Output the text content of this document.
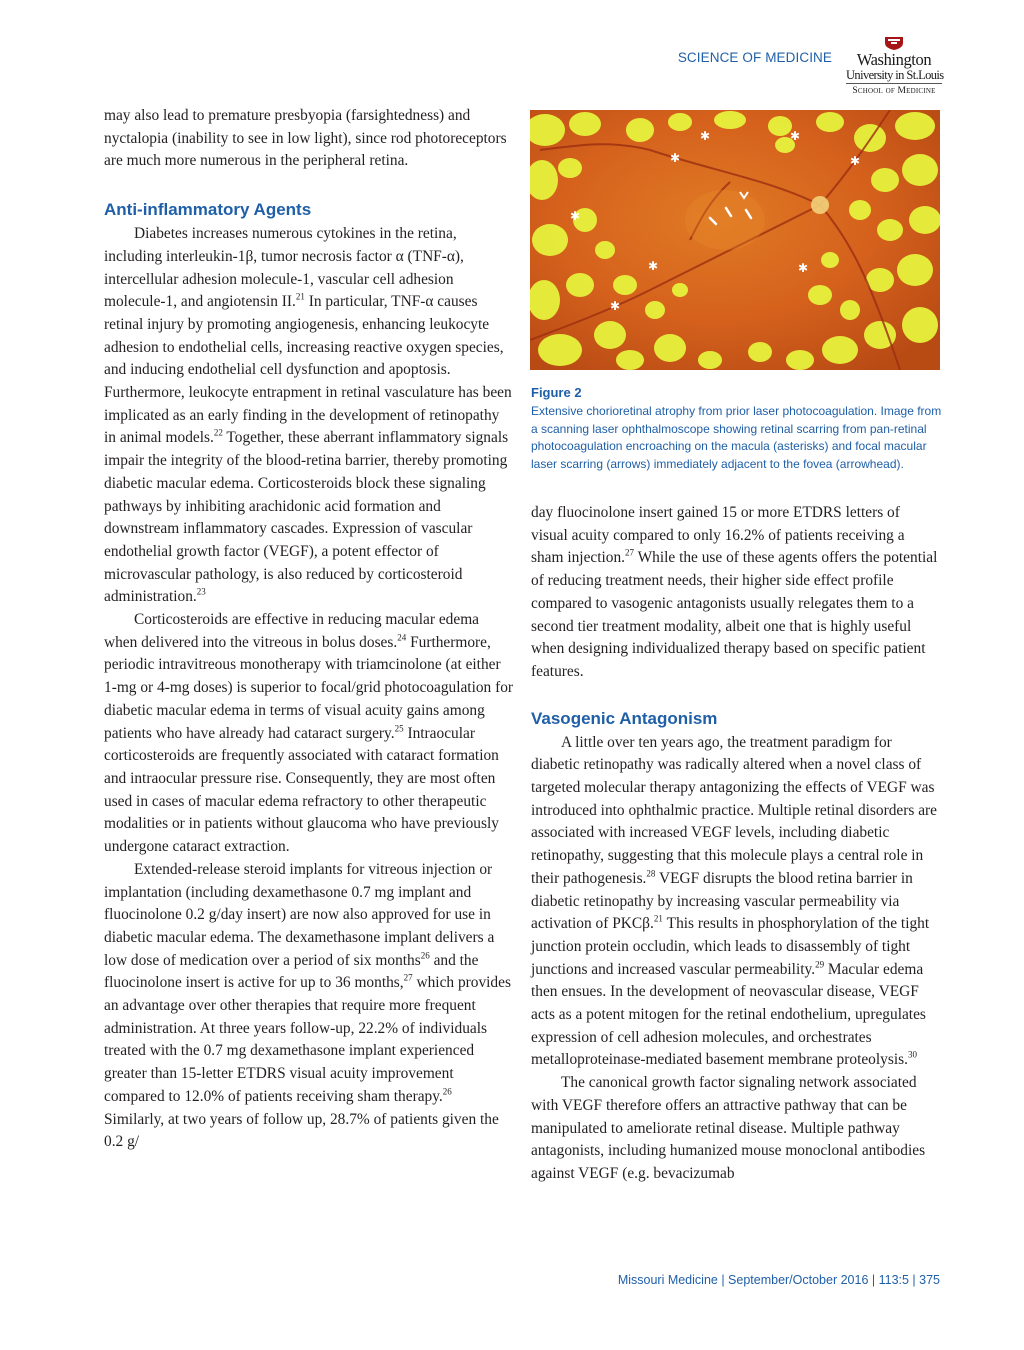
SCIENCE OF MEDICINE	Washington
University in St.Louis
School of Medicine

may also lead to premature presbyopia (farsightedness) and nyctalopia (inability to see in low light), since rod photoreceptors are much more numerous in the peripheral retina.

Anti-inflammatory Agents

Diabetes increases numerous cytokines in the retina, including interleukin-1β, tumor necrosis factor α (TNF-α), intercellular adhesion molecule-1, vascular cell adhesion molecule-1, and angiotensin II.$^{21}$ In particular, TNF-α causes retinal injury by promoting angiogenesis, enhancing leukocyte adhesion to endothelial cells, increasing reactive oxygen species, and inducing endothelial cell dysfunction and apoptosis. Furthermore, leukocyte entrapment in retinal vasculature has been implicated as an early finding in the development of retinopathy in animal models.$^{22}$ Together, these aberrant inflammatory signals impair the integrity of the blood-retina barrier, thereby promoting diabetic macular edema. Corticosteroids block these signaling pathways by inhibiting arachidonic acid formation and downstream inflammatory cascades. Expression of vascular endothelial growth factor (VEGF), a potent effector of microvascular pathology, is also reduced by corticosteroid administration.$^{23}$

Corticosteroids are effective in reducing macular edema when delivered into the vitreous in bolus doses.$^{24}$ Furthermore, periodic intravitreous monotherapy with triamcinolone (at either 1-mg or 4-mg doses) is superior to focal/grid photocoagulation for diabetic macular edema in terms of visual acuity gains among patients who have already had cataract surgery.$^{25}$ Intraocular corticosteroids are frequently associated with cataract formation and intraocular pressure rise. Consequently, they are most often used in cases of macular edema refractory to other therapeutic modalities or in patients without glaucoma who have previously undergone cataract extraction.

Extended-release steroid implants for vitreous injection or implantation (including dexamethasone 0.7 mg implant and fluocinolone 0.2 g/day insert) are now also approved for use in diabetic macular edema. The dexamethasone implant delivers a low dose of medication over a period of six months$^{26}$ and the fluocinolone insert is active for up to 36 months,$^{27}$ which provides an advantage over other therapies that require more frequent administration. At three years follow-up, 22.2% of individuals treated with the 0.7 mg dexamethasone implant experienced greater than 15-letter ETDRS visual acuity improvement compared to 12.0% of patients receiving sham therapy.$^{26}$ Similarly, at two years of follow up, 28.7% of patients given the 0.2 g/

✱	✱
✱	✱
✱
✱	✱
✱
Figure 2
Extensive chorioretinal atrophy from prior laser photocoagulation. Image from a scanning laser ophthalmoscope showing retinal scarring from pan-retinal photocoagulation encroaching on the macula (asterisks) and focal macular laser scarring (arrows) immediately adjacent to the fovea (arrowhead).

day fluocinolone insert gained 15 or more ETDRS letters of visual acuity compared to only 16.2% of patients receiving a sham injection.$^{27}$ While the use of these agents offers the potential of reducing treatment needs, their higher side effect profile compared to vasogenic antagonists usually relegates them to a second tier treatment modality, albeit one that is highly useful when designing individualized therapy based on specific patient features.

Vasogenic Antagonism

A little over ten years ago, the treatment paradigm for diabetic retinopathy was radically altered when a novel class of targeted molecular therapy antagonizing the effects of VEGF was introduced into ophthalmic practice. Multiple retinal disorders are associated with increased VEGF levels, including diabetic retinopathy, suggesting that this molecule plays a central role in their pathogenesis.$^{28}$ VEGF disrupts the blood retina barrier in diabetic retinopathy by increasing vascular permeability via activation of PKCβ.$^{21}$ This results in phosphorylation of the tight junction protein occludin, which leads to disassembly of tight junctions and increased vascular permeability.$^{29}$ Macular edema then ensues. In the development of neovascular disease, VEGF acts as a potent mitogen for the retinal endothelium, upregulates expression of cell adhesion molecules, and orchestrates metalloproteinase-mediated basement membrane proteolysis.$^{30}$

The canonical growth factor signaling network associated with VEGF therefore offers an attractive pathway that can be manipulated to ameliorate retinal disease. Multiple pathway antagonists, including humanized mouse monoclonal antibodies against VEGF (e.g. bevacizumab

Missouri Medicine | September/October 2016 | 113:5 | 375
